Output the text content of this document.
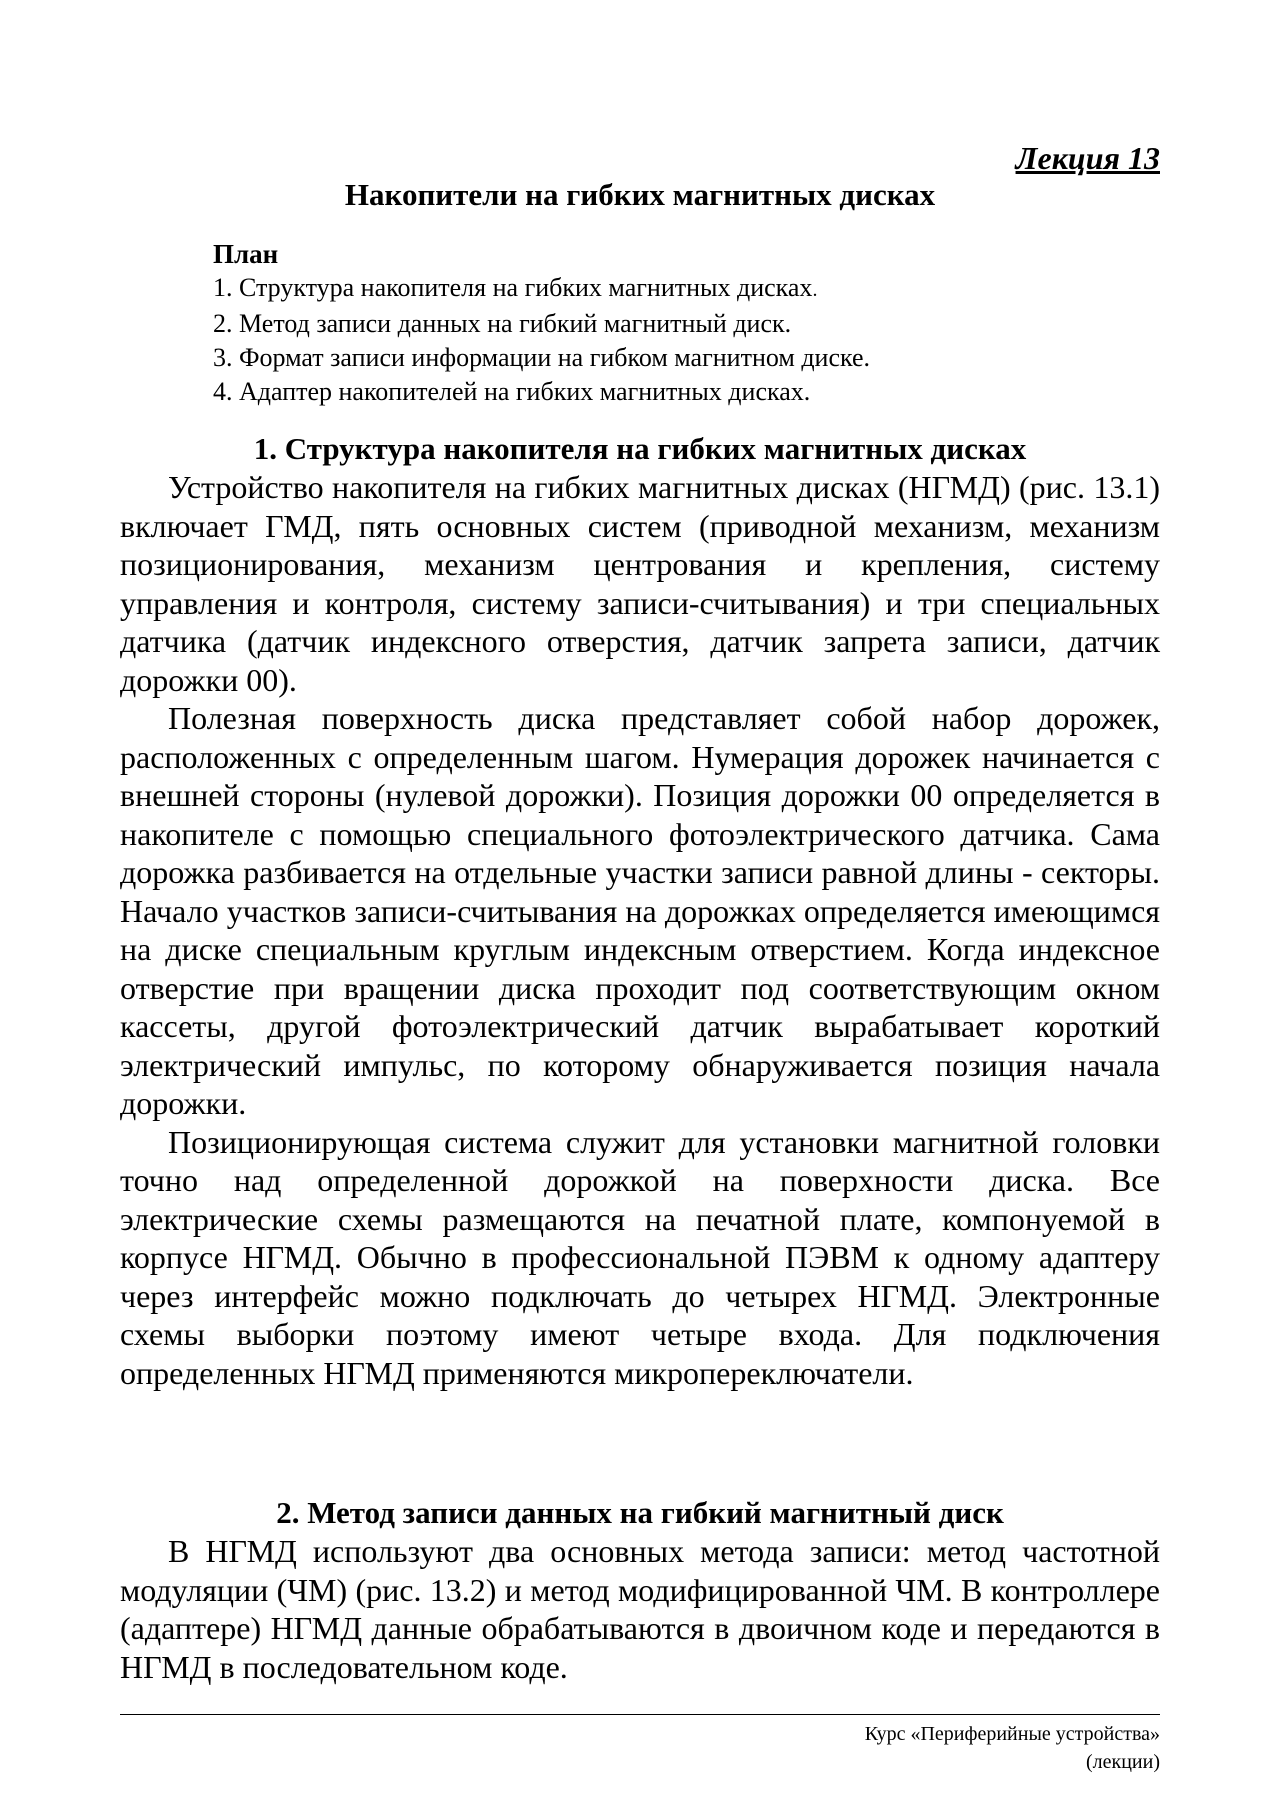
Лекция 13
Накопители на гибких магнитных дисках
План
1. Структура накопителя на гибких магнитных дисках.
2. Метод записи данных на гибкий магнитный диск.
3. Формат записи информации на гибком магнитном диске.
4. Адаптер накопителей на гибких магнитных дисках.
1. Структура накопителя на гибких магнитных дисках

Устройство накопителя на гибких магнитных дисках (НГМД) (рис. 13.1) включает ГМД, пять основных систем (приводной механизм, механизм позиционирования, механизм центрования и крепления, систему управления и контроля, систему записи-считывания) и три специальных датчика (датчик индексного отверстия, датчик запрета записи, датчик дорожки 00).

Полезная поверхность диска представляет собой набор дорожек, расположенных с определенным шагом. Нумерация дорожек начинается с внешней стороны (нулевой дорожки). Позиция дорожки 00 определяется в накопителе с помощью специального фотоэлектрического датчика. Сама дорожка разбивается на отдельные участки записи равной длины - секторы. Начало участков записи-считывания на дорожках определяется имеющимся на диске специальным круглым индексным отверстием. Когда индексное отверстие при вращении диска проходит под соответствующим окном кассеты, другой фотоэлектрический датчик вырабатывает короткий электрический импульс, по которому обнаруживается позиция начала дорожки.

Позиционирующая система служит для установки магнитной головки точно над определенной дорожкой на поверхности диска. Все электрические схемы размещаются на печатной плате, компонуемой в корпусе НГМД. Обычно в профессиональной ПЭВМ к одному адаптеру через интерфейс можно подключать до четырех НГМД. Электронные схемы выборки поэтому имеют четыре входа. Для подключения определенных НГМД применяются микропереключатели.

2. Метод записи данных на гибкий магнитный диск

В НГМД используют два основных метода записи: метод частотной модуляции (ЧМ) (рис. 13.2) и метод модифицированной ЧМ. В контроллере (адаптере) НГМД данные обрабатываются в двоичном коде и передаются в НГМД в последовательном коде.

Курс «Периферийные устройства»
(лекции)
